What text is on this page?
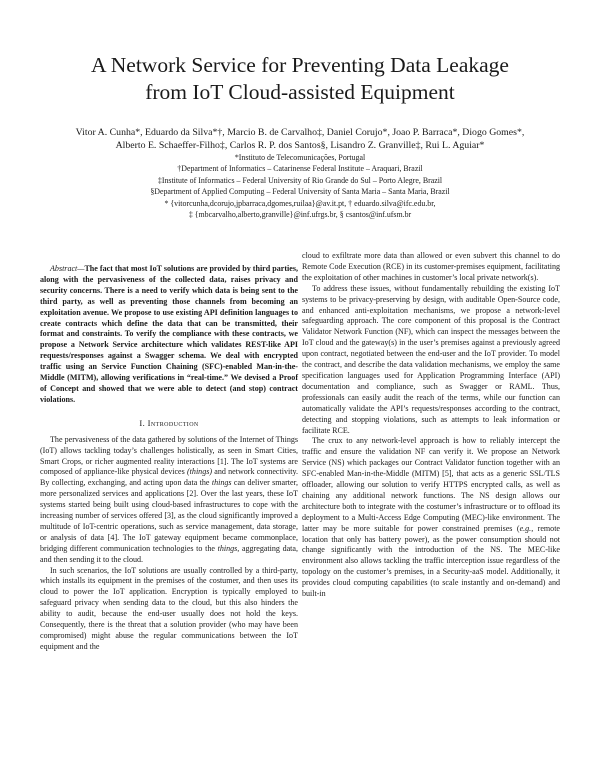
A Network Service for Preventing Data Leakage
from IoT Cloud-assisted Equipment
Vitor A. Cunha*, Eduardo da Silva*†, Marcio B. de Carvalho‡, Daniel Corujo*, Joao P. Barraca*, Diogo Gomes*,
Alberto E. Schaeffer-Filho‡, Carlos R. P. dos Santos§, Lisandro Z. Granville‡, Rui L. Aguiar*
*Instituto de Telecomunicações, Portugal
†Department of Informatics – Catarinense Federal Institute – Araquari, Brazil
‡Institute of Informatics – Federal University of Rio Grande do Sul – Porto Alegre, Brazil
§Department of Applied Computing – Federal University of Santa Maria – Santa Maria, Brazil
* {vitorcunha,dcorujo,jpbarraca,dgomes,ruilaa}@av.it.pt, † eduardo.silva@ifc.edu.br,
‡ {mbcarvalho,alberto,granville}@inf.ufrgs.br, § csantos@inf.ufsm.br

Abstract—The fact that most IoT solutions are provided by third parties, along with the pervasiveness of the collected data, raises privacy and security concerns. There is a need to verify which data is being sent to the third party, as well as preventing those channels from becoming an exploitation avenue. We propose to use existing API definition languages to create contracts which define the data that can be transmitted, their format and constraints. To verify the compliance with these contracts, we propose a Network Service architecture which validates REST-like API requests/responses against a Swagger schema. We deal with encrypted traffic using an Service Function Chaining (SFC)-enabled Man-in-the-Middle (MITM), allowing verifications in “real-time.” We devised a Proof of Concept and showed that we were able to detect (and stop) contract violations.

I. Introduction

The pervasiveness of the data gathered by solutions of the Internet of Things (IoT) allows tackling today’s challenges holistically, as seen in Smart Cities, Smart Crops, or richer augmented reality interactions [1]. The IoT systems are composed of appliance-like physical devices (things) and network connectivity. By collecting, exchanging, and acting upon data the things can deliver smarter, more personalized services and applications [2]. Over the last years, these IoT systems started being built using cloud-based infrastructures to cope with the increasing number of services offered [3], as the cloud significantly improved a multitude of IoT-centric operations, such as service management, data storage, or analysis of data [4]. The IoT gateway equipment became commonplace, bridging different communication technologies to the things, aggregating data, and then sending it to the cloud.

In such scenarios, the IoT solutions are usually controlled by a third-party, which installs its equipment in the premises of the costumer, and then uses its cloud to power the IoT application. Encryption is typically employed to safeguard privacy when sending data to the cloud, but this also hinders the ability to audit, because the end-user usually does not hold the keys. Consequently, there is the threat that a solution provider (who may have been compromised) might abuse the regular communications between the IoT equipment and the

cloud to exfiltrate more data than allowed or even subvert this channel to do Remote Code Execution (RCE) in its customer-premises equipment, facilitating the exploitation of other machines in customer’s local private network(s).

To address these issues, without fundamentally rebuilding the existing IoT systems to be privacy-preserving by design, with auditable Open-Source code, and enhanced anti-exploitation mechanisms, we propose a network-level safeguarding approach. The core component of this proposal is the Contract Validator Network Function (NF), which can inspect the messages between the IoT cloud and the gateway(s) in the user’s premises against a previously agreed upon contract, negotiated between the end-user and the IoT provider. To model the contract, and describe the data validation mechanisms, we employ the same specification languages used for Application Programming Interface (API) documentation and compliance, such as Swagger or RAML. Thus, professionals can easily audit the reach of the terms, while our function can automatically validate the API’s requests/responses according to the contract, detecting and stopping violations, such as attempts to leak information or facilitate RCE.

The crux to any network-level approach is how to reliably intercept the traffic and ensure the validation NF can verify it. We propose an Network Service (NS) which packages our Contract Validator function together with an SFC-enabled Man-in-the-Middle (MITM) [5], that acts as a generic SSL/TLS offloader, allowing our solution to verify HTTPS encrypted calls, as well as chaining any additional network functions. The NS design allows our architecture both to integrate with the costumer’s infrastructure or to offload its deployment to a Multi-Access Edge Computing (MEC)-like environment. The latter may be more suitable for power constrained premises (e.g., remote location that only has battery power), as the power consumption should not change significantly with the introduction of the NS. The MEC-like environment also allows tackling the traffic interception issue regardless of the topology on the customer’s premises, in a Security-aaS model. Additionally, it provides cloud computing capabilities (to scale instantly and on-demand) and built-in
